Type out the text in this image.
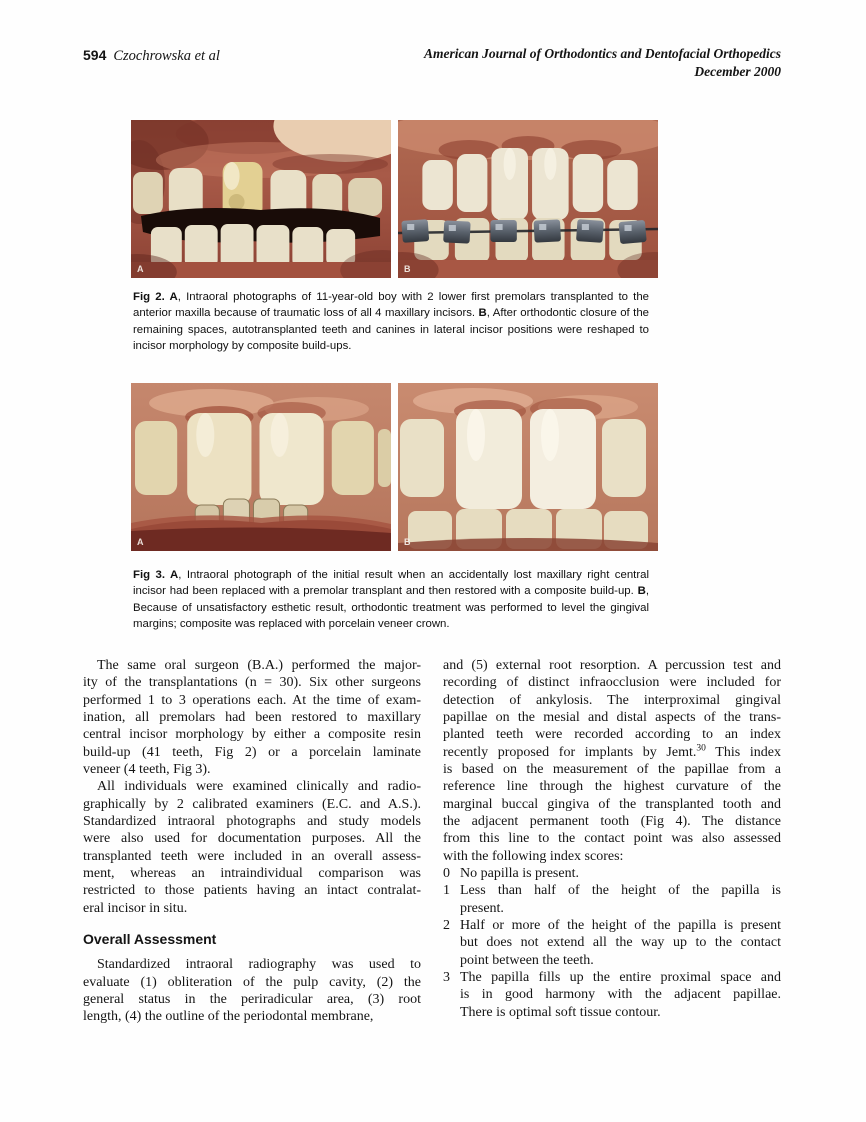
594 Czochrowska et al	American Journal of Orthodontics and Dentofacial Orthopedics
December 2000
A	B
Fig 2. A, Intraoral photographs of 11-year-old boy with 2 lower first premolars transplanted to the anterior maxilla because of traumatic loss of all 4 maxillary incisors. B, After orthodontic closure of the remaining spaces, autotransplanted teeth and canines in lateral incisor positions were reshaped to incisor morphology by composite build-ups.
A	B
Fig 3. A, Intraoral photograph of the initial result when an accidentally lost maxillary right central incisor had been replaced with a premolar transplant and then restored with a composite build-up. B, Because of unsatisfactory esthetic result, orthodontic treatment was performed to level the gingival margins; composite was replaced with porcelain veneer crown.
The same oral surgeon (B.A.) performed the major-
ity of the transplantations (n = 30). Six other surgeons
performed 1 to 3 operations each. At the time of exam-
ination, all premolars had been restored to maxillary
central incisor morphology by either a composite resin
build-up (41 teeth, Fig 2) or a porcelain laminate
veneer (4 teeth, Fig 3).
All individuals were examined clinically and radio-
graphically by 2 calibrated examiners (E.C. and A.S.).
Standardized intraoral photographs and study models
were also used for documentation purposes. All the
transplanted teeth were included in an overall assess-
ment, whereas an intraindividual comparison was
restricted to those patients having an intact contralat-
eral incisor in situ.
Overall Assessment
Standardized intraoral radiography was used to
evaluate (1) obliteration of the pulp cavity, (2) the
general status in the periradicular area, (3) root
length, (4) the outline of the periodontal membrane,
and (5) external root resorption. A percussion test and
recording of distinct infraocclusion were included for
detection of ankylosis. The interproximal gingival
papillae on the mesial and distal aspects of the trans-
planted teeth were recorded according to an index
recently proposed for implants by Jemt.$^{30}$ This index
is based on the measurement of the papillae from a
reference line through the highest curvature of the
marginal buccal gingiva of the transplanted tooth and
the adjacent permanent tooth (Fig 4). The distance
from this line to the contact point was also assessed
with the following index scores:
0 No papilla is present.
1 Less than half of the height of the papilla is
present.
2 Half or more of the height of the papilla is present
but does not extend all the way up to the contact
point between the teeth.
3 The papilla fills up the entire proximal space and
is in good harmony with the adjacent papillae.
There is optimal soft tissue contour.
